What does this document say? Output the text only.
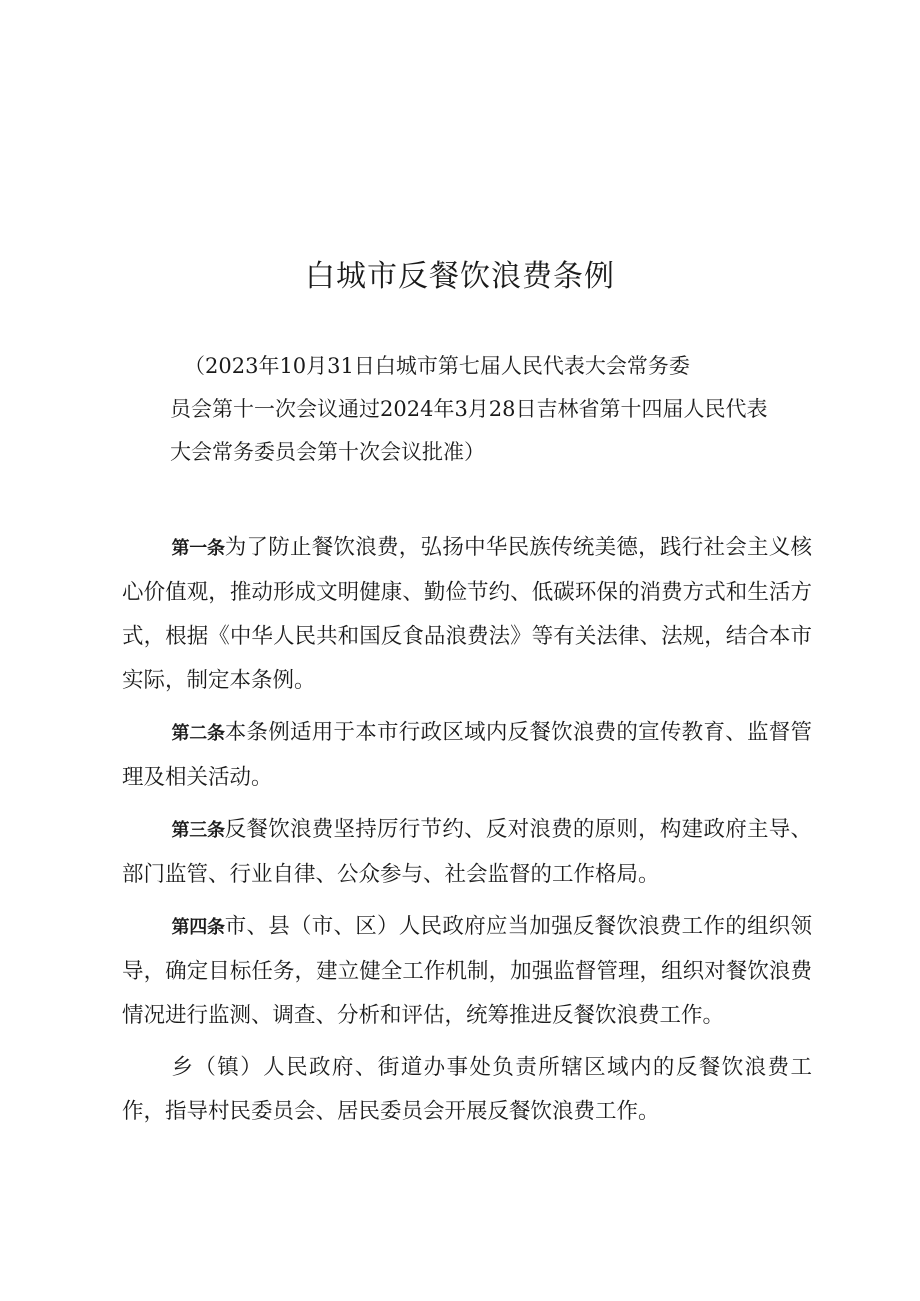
白城市反餐饮浪费条例
（2023年10月31日白城市第七届人民代表大会常务委
员会第十一次会议通过2024年3月28日吉林省第十四届人民代表
大会常务委员会第十次会议批准）

第一条为了防止餐饮浪费，弘扬中华民族传统美德，践行社会主义核心价值观，推动形成文明健康、勤俭节约、低碳环保的消费方式和生活方式，根据《中华人民共和国反食品浪费法》等有关法律、法规，结合本市实际，制定本条例。

第二条本条例适用于本市行政区域内反餐饮浪费的宣传教育、监督管理及相关活动。

第三条反餐饮浪费坚持厉行节约、反对浪费的原则，构建政府主导、部门监管、行业自律、公众参与、社会监督的工作格局。

第四条市、县（市、区）人民政府应当加强反餐饮浪费工作的组织领导，确定目标任务，建立健全工作机制，加强监督管理，组织对餐饮浪费情况进行监测、调查、分析和评估，统筹推进反餐饮浪费工作。

乡（镇）人民政府、街道办事处负责所辖区域内的反餐饮浪费工作，指导村民委员会、居民委员会开展反餐饮浪费工作。
